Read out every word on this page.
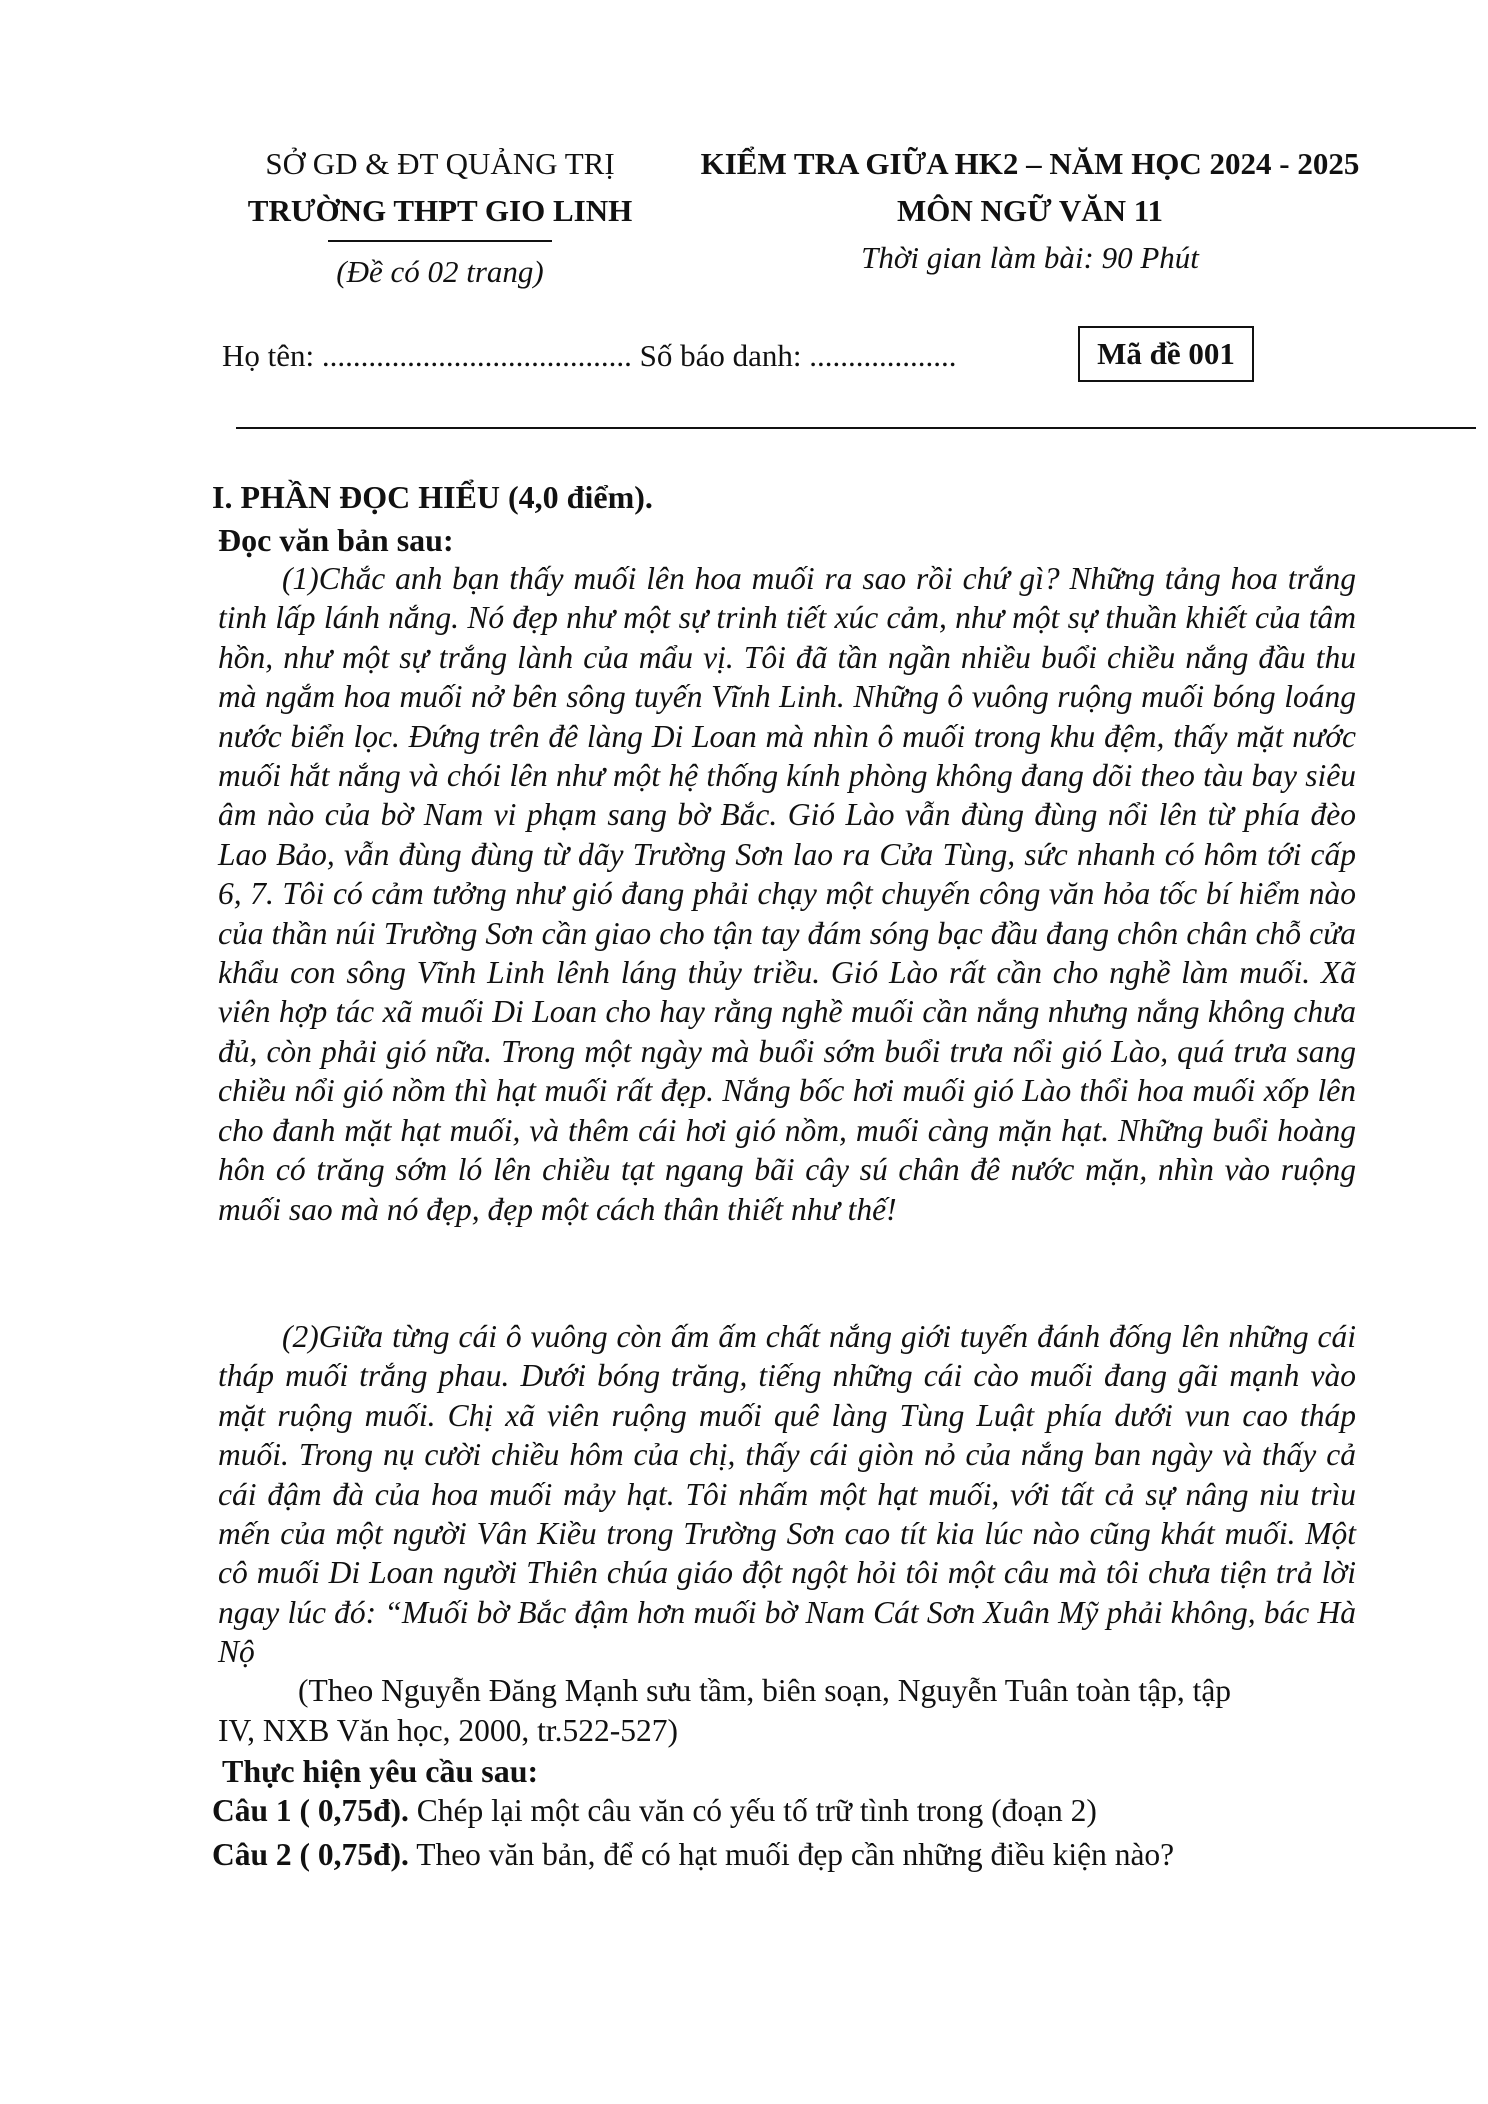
SỞ GD & ĐT QUẢNG TRỊ
TRƯỜNG THPT GIO LINH
(Đề có 02 trang)
KIỂM TRA GIỮA HK2 – NĂM HỌC 2024 - 2025
MÔN NGỮ VĂN 11
Thời gian làm bài: 90 Phút
Họ tên: ........................................ Số báo danh: ...................	Mã đề 001
I. PHẦN ĐỌC HIỂU (4,0 điểm).
Đọc văn bản sau:
(1)Chắc anh bạn thấy muối lên hoa muối ra sao rồi chứ gì? Những tảng hoa trắng tinh lấp lánh nắng. Nó đẹp như một sự trinh tiết xúc cảm, như một sự thuần khiết của tâm hồn, như một sự trắng lành của mẩu vị. Tôi đã tần ngần nhiều buổi chiều nắng đầu thu mà ngắm hoa muối nở bên sông tuyến Vĩnh Linh. Những ô vuông ruộng muối bóng loáng nước biển lọc. Đứng trên đê làng Di Loan mà nhìn ô muối trong khu đệm, thấy mặt nước muối hắt nắng và chói lên như một hệ thống kính phòng không đang dõi theo tàu bay siêu âm nào của bờ Nam vi phạm sang bờ Bắc. Gió Lào vẫn đùng đùng nổi lên từ phía đèo Lao Bảo, vẫn đùng đùng từ dãy Trường Sơn lao ra Cửa Tùng, sức nhanh có hôm tới cấp 6, 7. Tôi có cảm tưởng như gió đang phải chạy một chuyến công văn hỏa tốc bí hiểm nào của thần núi Trường Sơn cần giao cho tận tay đám sóng bạc đầu đang chôn chân chỗ cửa khẩu con sông Vĩnh Linh lênh láng thủy triều. Gió Lào rất cần cho nghề làm muối. Xã viên hợp tác xã muối Di Loan cho hay rằng nghề muối cần nắng nhưng nắng không chưa đủ, còn phải gió nữa. Trong một ngày mà buổi sớm buổi trưa nổi gió Lào, quá trưa sang chiều nổi gió nồm thì hạt muối rất đẹp. Nắng bốc hơi muối gió Lào thổi hoa muối xốp lên cho đanh mặt hạt muối, và thêm cái hơi gió nồm, muối càng mặn hạt. Những buổi hoàng hôn có trăng sớm ló lên chiều tạt ngang bãi cây sú chân đê nước mặn, nhìn vào ruộng muối sao mà nó đẹp, đẹp một cách thân thiết như thế!
(2)Giữa từng cái ô vuông còn ấm ấm chất nắng giới tuyến đánh đống lên những cái tháp muối trắng phau. Dưới bóng trăng, tiếng những cái cào muối đang gãi mạnh vào mặt ruộng muối. Chị xã viên ruộng muối quê làng Tùng Luật phía dưới vun cao tháp muối. Trong nụ cười chiều hôm của chị, thấy cái giòn nỏ của nắng ban ngày và thấy cả cái đậm đà của hoa muối mảy hạt. Tôi nhấm một hạt muối, với tất cả sự nâng niu trìu mến của một người Vân Kiều trong Trường Sơn cao tít kia lúc nào cũng khát muối. Một cô muối Di Loan người Thiên chúa giáo đột ngột hỏi tôi một câu mà tôi chưa tiện trả lời ngay lúc đó: “Muối bờ Bắc đậm hơn muối bờ Nam Cát Sơn Xuân Mỹ phải không, bác Hà Nộ
(Theo Nguyễn Đăng Mạnh sưu tầm, biên soạn, Nguyễn Tuân toàn tập, tập
IV, NXB Văn học, 2000, tr.522-527)
Thực hiện yêu cầu sau:
Câu 1 ( 0,75đ). Chép lại một câu văn có yếu tố trữ tình trong (đoạn 2)
Câu 2 ( 0,75đ). Theo văn bản, để có hạt muối đẹp cần những điều kiện nào?
